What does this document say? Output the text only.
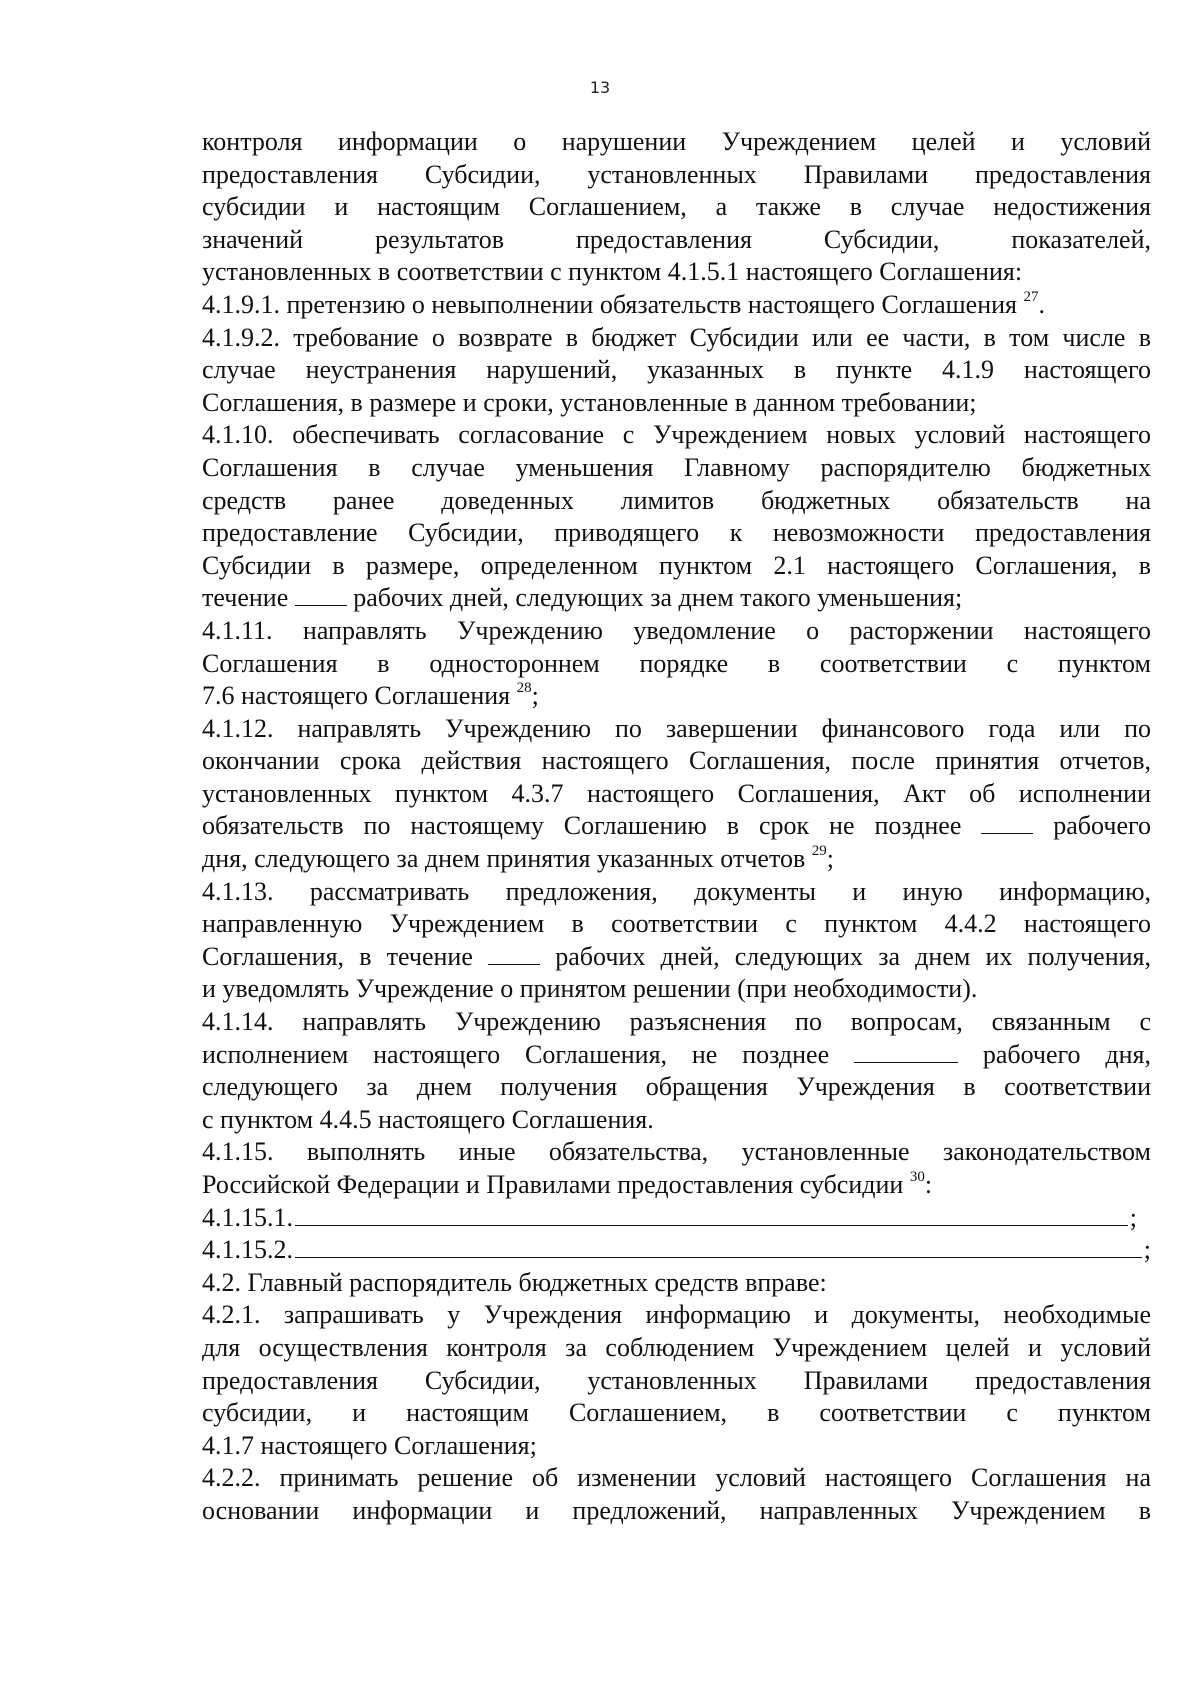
13
контроля информации о нарушении Учреждением целей и условий
предоставления Субсидии, установленных Правилами предоставления
субсидии и настоящим Соглашением, а также в случае недостижения
значений результатов предоставления Субсидии, показателей,
установленных в соответствии с пунктом 4.1.5.1 настоящего Соглашения:
4.1.9.1. претензию о невыполнении обязательств настоящего Соглашения $^{27}$.
4.1.9.2. требование о возврате в бюджет Субсидии или ее части, в том числе в
случае неустранения нарушений, указанных в пункте 4.1.9 настоящего
Соглашения, в размере и сроки, установленные в данном требовании;
4.1.10. обеспечивать согласование с Учреждением новых условий настоящего
Соглашения в случае уменьшения Главному распорядителю бюджетных
средств ранее доведенных лимитов бюджетных обязательств на
предоставление Субсидии, приводящего к невозможности предоставления
Субсидии в размере, определенном пунктом 2.1 настоящего Соглашения, в
течение	рабочих дней, следующих за днем такого уменьшения;
4.1.11. направлять Учреждению уведомление о расторжении настоящего
Соглашения в одностороннем порядке в соответствии с пунктом
7.6 настоящего Соглашения $^{28}$;
4.1.12. направлять Учреждению по завершении финансового года или по
окончании срока действия настоящего Соглашения, после принятия отчетов,
установленных пунктом 4.3.7 настоящего Соглашения, Акт об исполнении
обязательств по настоящему Соглашению в срок не позднее	рабочего
дня, следующего за днем принятия указанных отчетов $^{29}$;
4.1.13. рассматривать предложения, документы и иную информацию,
направленную Учреждением в соответствии с пунктом 4.4.2 настоящего
Соглашения, в течение	рабочих дней, следующих за днем их получения,
и уведомлять Учреждение о принятом решении (при необходимости).
4.1.14. направлять Учреждению разъяснения по вопросам, связанным с
исполнением настоящего Соглашения, не позднее	рабочего дня,
следующего за днем получения обращения Учреждения в соответствии
с пунктом 4.4.5 настоящего Соглашения.
4.1.15. выполнять иные обязательства, установленные законодательством
Российской Федерации и Правилами предоставления субсидии $^{30}$:
4.1.15.1.	;
4.1.15.2.	;
4.2. Главный распорядитель бюджетных средств вправе:
4.2.1. запрашивать у Учреждения информацию и документы, необходимые
для осуществления контроля за соблюдением Учреждением целей и условий
предоставления Субсидии, установленных Правилами предоставления
субсидии, и настоящим Соглашением, в соответствии с пунктом
4.1.7 настоящего Соглашения;
4.2.2. принимать решение об изменении условий настоящего Соглашения на
основании информации и предложений, направленных Учреждением в
